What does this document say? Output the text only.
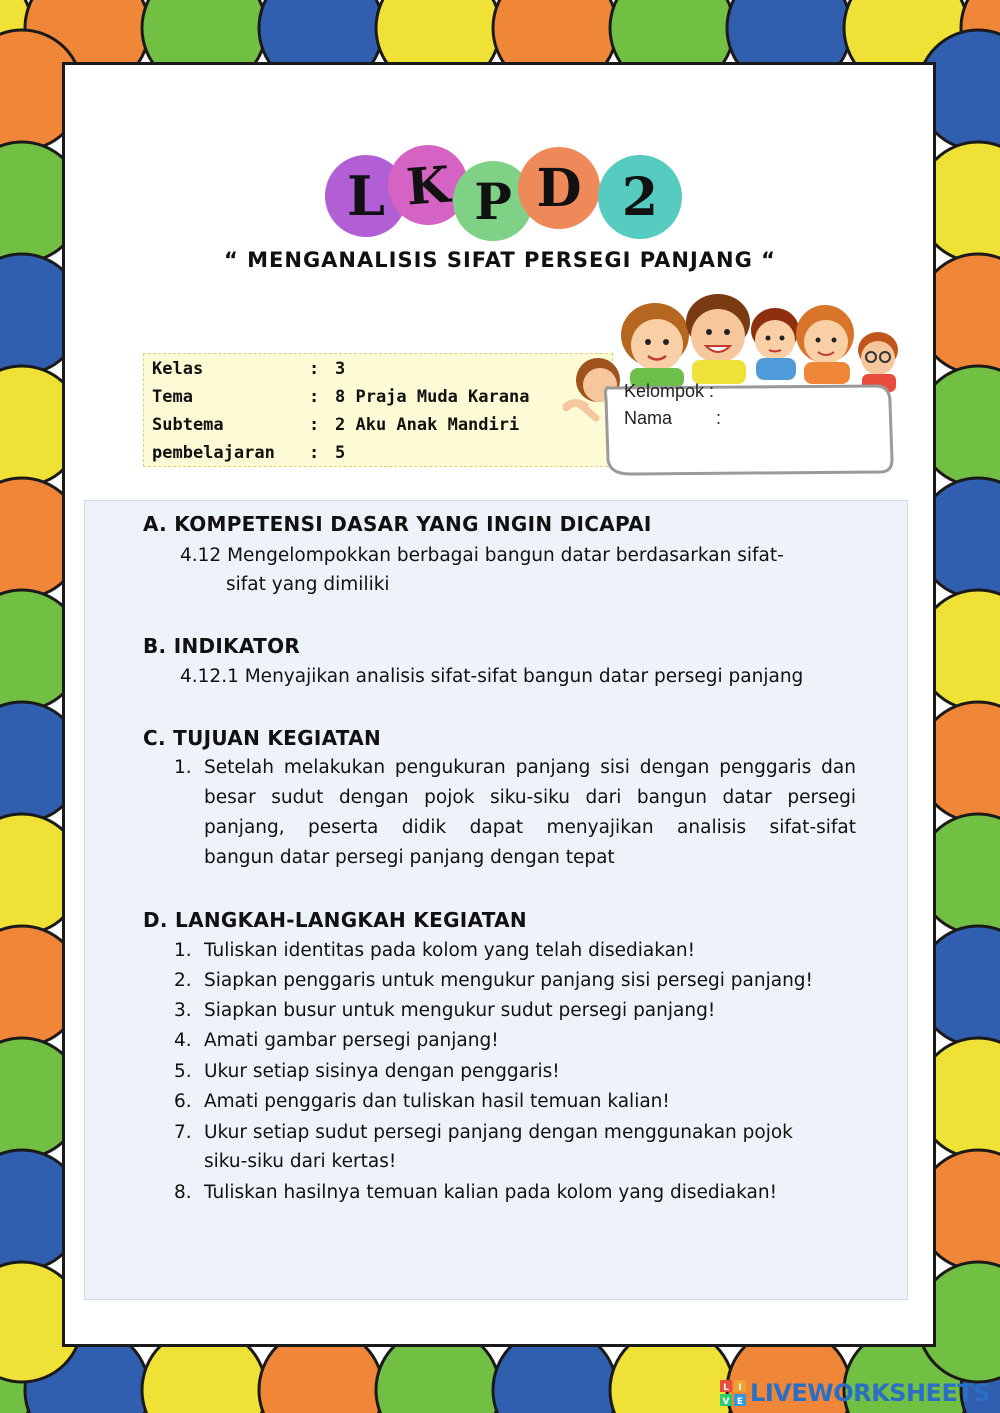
L K P D 2
“ MENGANALISIS SIFAT PERSEGI PANJANG “
Kelas	: 3
Tema	: 8 Praja Muda Karana
Subtema	: 2 Aku Anak Mandiri
pembelajaran : 5
Kelompok :
Nama :
A. KOMPETENSI DASAR YANG INGIN DICAPAI
4.12 Mengelompokkan berbagai bangun datar berdasarkan sifat-
sifat yang dimiliki
B. INDIKATOR
4.12.1 Menyajikan analisis sifat-sifat bangun datar persegi panjang
C. TUJUAN KEGIATAN
1. Setelah melakukan pengukuran panjang sisi dengan penggaris dan
besar sudut dengan pojok siku-siku dari bangun datar persegi
panjang, peserta didik dapat menyajikan analisis sifat-sifat
bangun datar persegi panjang dengan tepat
D. LANGKAH-LANGKAH KEGIATAN
1. Tuliskan identitas pada kolom yang telah disediakan!
2. Siapkan penggaris untuk mengukur panjang sisi persegi panjang!
3. Siapkan busur untuk mengukur sudut persegi panjang!
4. Amati gambar persegi panjang!
5. Ukur setiap sisinya dengan penggaris!
6. Amati penggaris dan tuliskan hasil temuan kalian!
7. Ukur setiap sudut persegi panjang dengan menggunakan pojok
siku-siku dari kertas!
8. Tuliskan hasilnya temuan kalian pada kolom yang disediakan!
L I
V E LIVEWORKSHEETS
